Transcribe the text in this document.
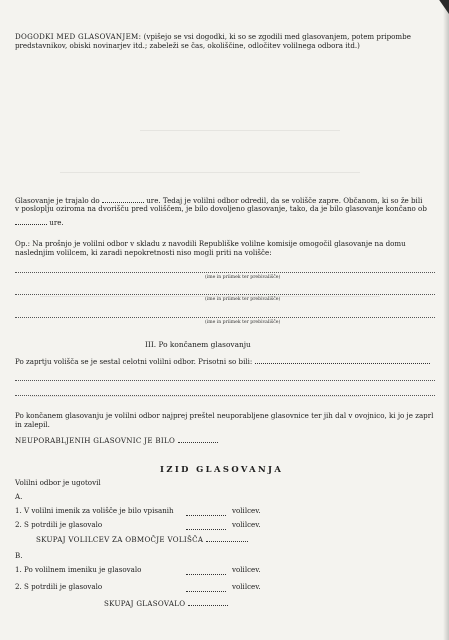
DOGODKI MED GLASOVANJEM: (vpišejo se vsi dogodki, ki so se zgodili med glasovanjem, potem pripombe
predstavnikov, obiski novinarjev itd.; zabeleži se čas, okoliščine, odločitev volilnega odbora itd.)
Glasovanje je trajalo do	ure. Tedaj je volilni odbor odredil, da se volišče zapre. Občanom, ki so že bili
v posloplju oziroma na dvorišču pred voliščem, je bilo dovoljeno glasovanje, tako, da je bilo glasovanje končano ob
ure.
Op.: Na prošnjo je volilni odbor v skladu z navodili Republiške volilne komisije omogočil glasovanje na domu
naslednjim volilcem, ki zaradi nepokretnosti niso mogli priti na volišče:
(ime in priimek ter prebivališče)
(ime in priimek ter prebivališče)
(ime in priimek ter prebivališče)
III. Po končanem glasovanju
Po zaprtju volišča se je sestal celotni volilni odbor. Prisotni so bili:
Po končanem glasovanju je volilni odbor najprej preštel neuporabljene glasovnice ter jih dal v ovojnico, ki jo je zaprl
in zalepil.
NEUPORABLJENIH GLASOVNIC JE BILO
IZID GLASOVANJA
Volilni odbor je ugotovil
A.
1. V volilni imenik za volišče je bilo vpisanih	volilcev.
2. S potrdili je glasovalo	volilcev.
SKUPAJ VOLILCEV ZA OBMOČJE VOLIŠČA
B.
1. Po volilnem imeniku je glasovalo	volilcev.
2. S potrdili je glasovalo	volilcev.
SKUPAJ GLASOVALO
